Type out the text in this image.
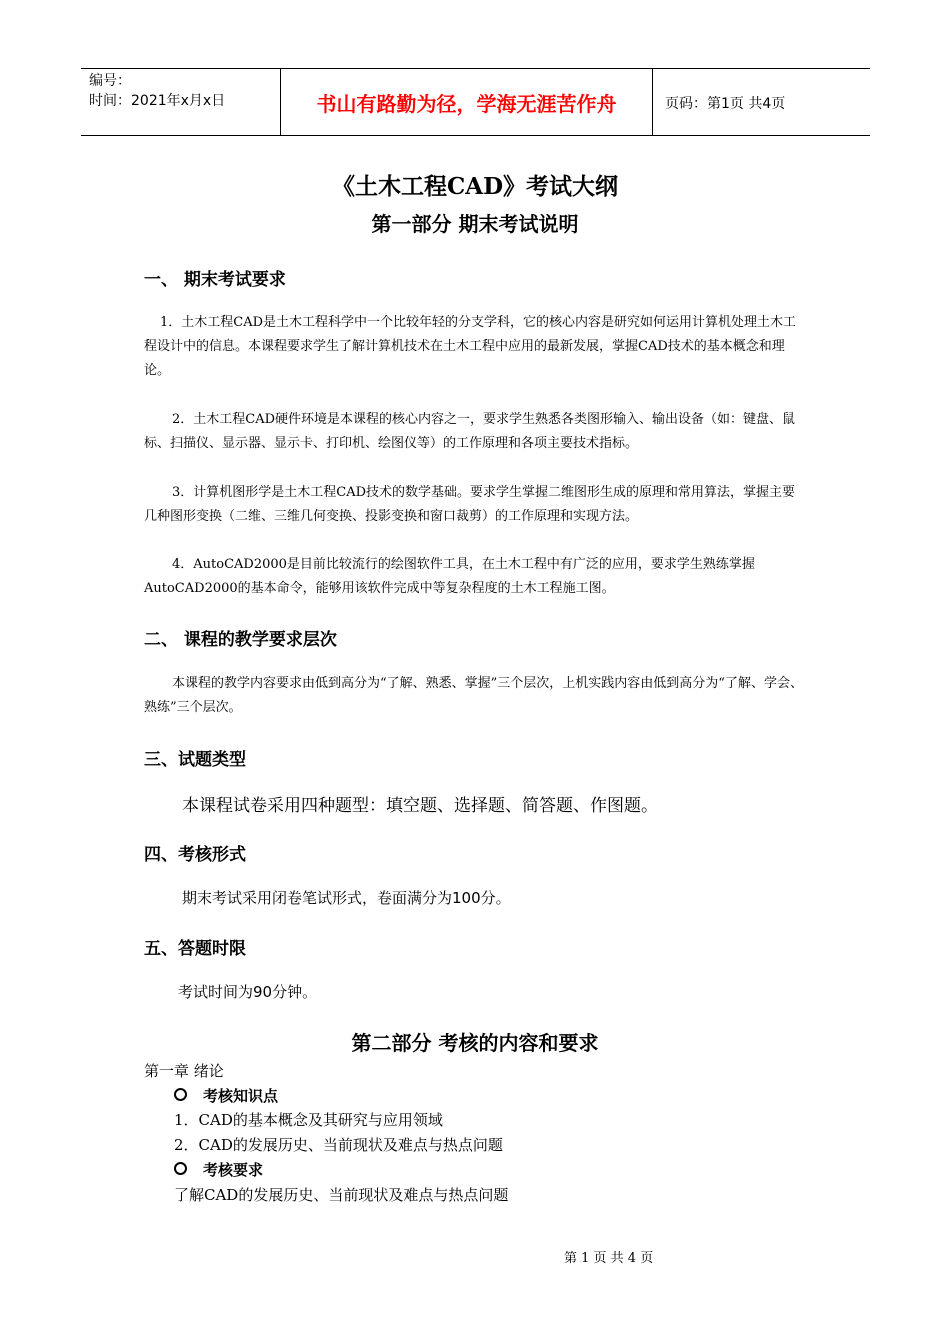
编号：
时间：2021年x月x日	书山有路勤为径，学海无涯苦作舟	页码：第1页 共4页
《土木工程CAD》考试大纲
第一部分 期末考试说明
一、 期末考试要求
1．土木工程CAD是土木工程科学中一个比较年轻的分支学科，它的核心内容是研究如何运用计算机处理土木工程设计中的信息。本课程要求学生了解计算机技术在土木工程中应用的最新发展，掌握CAD技术的基本概念和理论。
2．土木工程CAD硬件环境是本课程的核心内容之一，要求学生熟悉各类图形输入、输出设备（如：键盘、鼠标、扫描仪、显示器、显示卡、打印机、绘图仪等）的工作原理和各项主要技术指标。
3．计算机图形学是土木工程CAD技术的数学基础。要求学生掌握二维图形生成的原理和常用算法，掌握主要几种图形变换（二维、三维几何变换、投影变换和窗口裁剪）的工作原理和实现方法。
4．AutoCAD2000是目前比较流行的绘图软件工具，在土木工程中有广泛的应用，要求学生熟练掌握AutoCAD2000的基本命令，能够用该软件完成中等复杂程度的土木工程施工图。
二、 课程的教学要求层次
本课程的教学内容要求由低到高分为“了解、熟悉、掌握”三个层次，上机实践内容由低到高分为“了解、学会、熟练”三个层次。
三、试题类型
本课程试卷采用四种题型：填空题、选择题、简答题、作图题。
四、考核形式
期末考试采用闭卷笔试形式，卷面满分为100分。
五、答题时限
考试时间为90分钟。
第二部分 考核的内容和要求
第一章 绪论
考核知识点
1．CAD的基本概念及其研究与应用领域
2．CAD的发展历史、当前现状及难点与热点问题
考核要求
了解CAD的发展历史、当前现状及难点与热点问题
第 1 页 共 4 页
